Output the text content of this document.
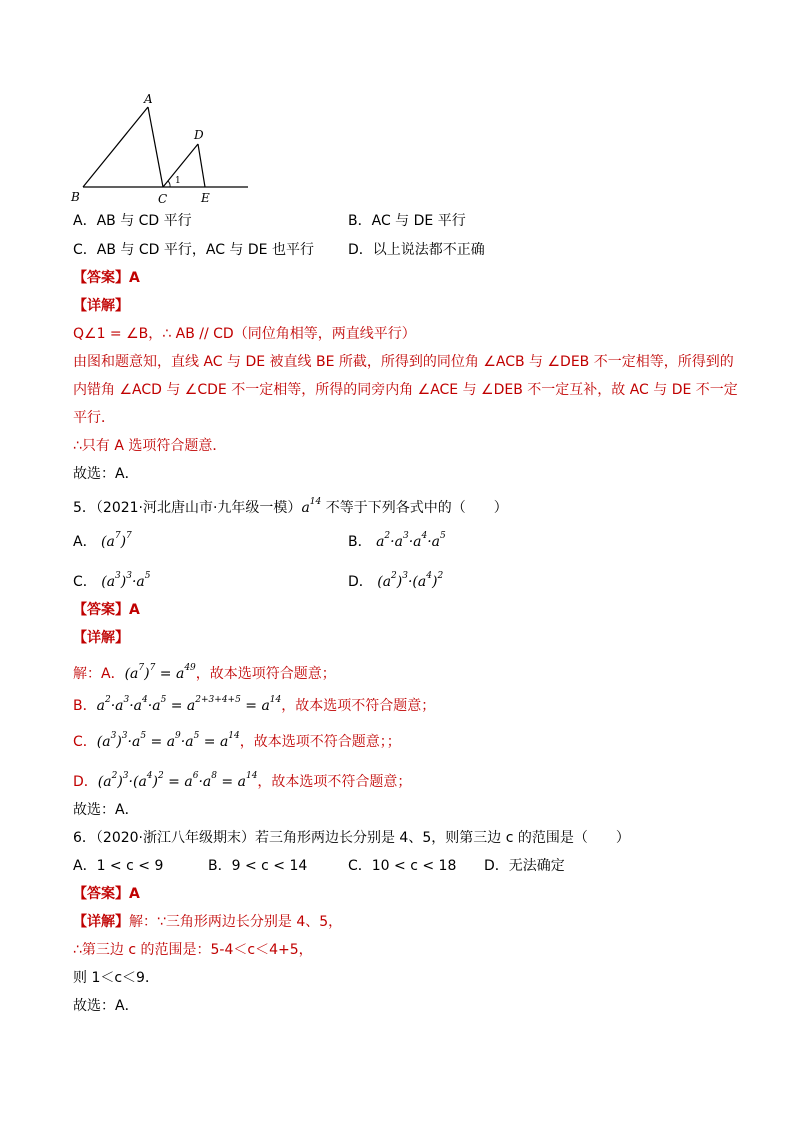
A
B	C
D
E
1
A．AB 与 CD 平行	B．AC 与 DE 平行
C．AB 与 CD 平行，AC 与 DE 也平行 D．以上说法都不正确
【答案】A
【详解】
Q∠1 = ∠B，∴ AB // CD（同位角相等，两直线平行）
由图和题意知，直线 AC 与 DE 被直线 BE 所截，所得到的同位角 ∠ACB 与 ∠DEB 不一定相等，所得到的
内错角 ∠ACD 与 ∠CDE 不一定相等，所得的同旁内角 ∠ACE 与 ∠DEB 不一定互补，故 AC 与 DE 不一定
平行．
∴只有 A 选项符合题意．
故选：A．
5．（2021·河北唐山市·九年级一模）$a^{14}$ 不等于下列各式中的（　　）
A． $(a^7)^7$	B． $a^2\cdot a^3\cdot a^4\cdot a^5$
C． $(a^3)^3\cdot a^5$	D． $(a^2)^3\cdot(a^4)^2$
【答案】A
【详解】
解：A．$(a^7)^7 = a^{49}$，故本选项符合题意；
B．$a^2\cdot a^3\cdot a^4\cdot a^5 = a^{2+3+4+5} = a^{14}$，故本选项不符合题意；
C．$(a^3)^3\cdot a^5 = a^9\cdot a^5 = a^{14}$，故本选项不符合题意；；
D．$(a^2)^3\cdot(a^4)^2 = a^6\cdot a^8 = a^{14}$，故本选项不符合题意；
故选：A．
6．（2020·浙江八年级期末）若三角形两边长分别是 4、5，则第三边 c 的范围是（　　）
A．1 < c < 9	B．9 < c < 14	C．10 < c < 18 D．无法确定
【答案】A
【详解】解：∵三角形两边长分别是 4、5，
∴第三边 c 的范围是：5-4＜c＜4+5，
则 1＜c＜9．
故选：A．
